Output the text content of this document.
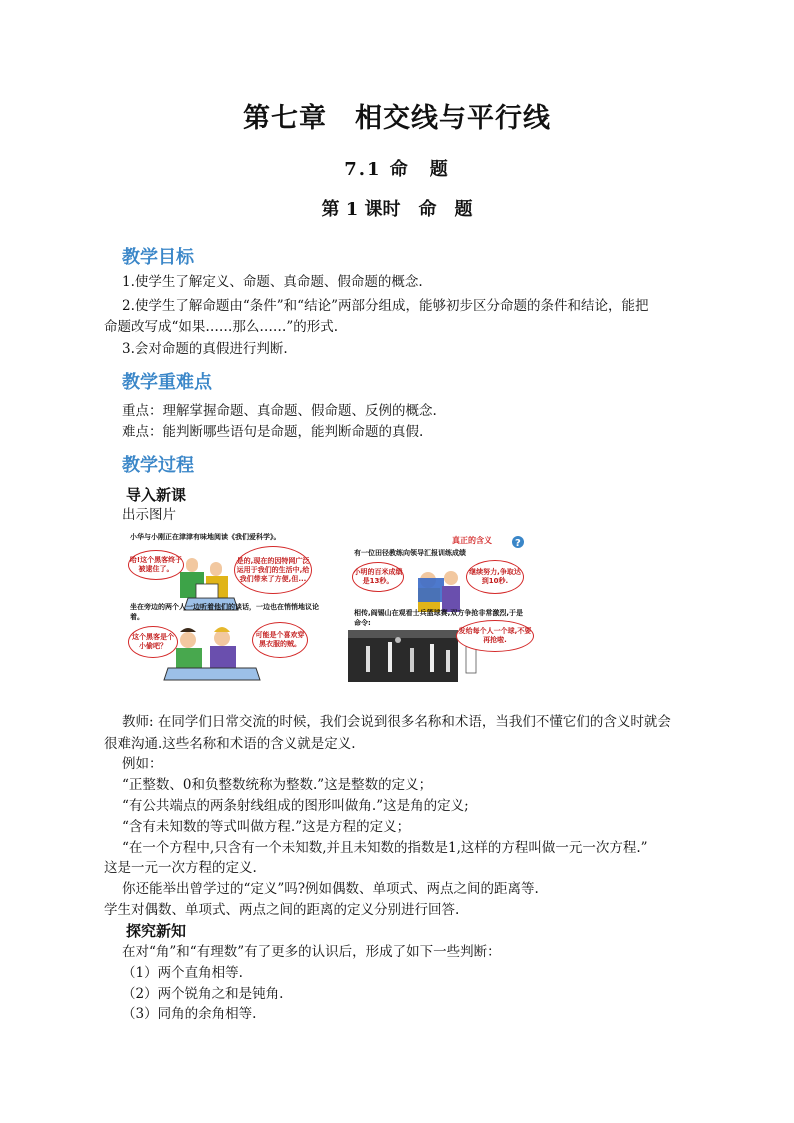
第七章　相交线与平行线
7.1 命　题
第 1 课时　命　题
教学目标
1.使学生了解定义、命题、真命题、假命题的概念.
2.使学生了解命题由“条件”和“结论”两部分组成，能够初步区分命题的条件和结论，能把
命题改写成“如果……那么……”的形式.
3.会对命题的真假进行判断.
教学重难点
重点：理解掌握命题、真命题、假命题、反例的概念.
难点：能判断哪些语句是命题，能判断命题的真假.
教学过程
导入新课
出示图片
?
小华与小刚正在津津有味地阅读《我们爱科学》。
哈!这个黑客终于被逮住了。
是的,现在的因特网广泛运用于我们的生活中,给我们带来了方便,但...
坐在旁边的两个人一边听着他们的谈话，一边也在悄悄地议论着。
这个黑客是个小偷吧？
可能是个喜欢穿黑衣服的贼。
真正的含义
有一位田径教练向领导汇报训练成绩
小明的百米成绩是13秒。
继续努力,争取达到10秒.
相传,阎锡山在观看士兵篮球赛,双方争抢非常激烈,于是命令:
发给每个人一个球,不要再抢啦.
教师: 在同学们日常交流的时候，我们会说到很多名称和术语，当我们不懂它们的含义时就会
很难沟通.这些名称和术语的含义就是定义.
例如：
“正整数、0和负整数统称为整数.”这是整数的定义；
“有公共端点的两条射线组成的图形叫做角.”这是角的定义;
“含有未知数的等式叫做方程.”这是方程的定义；
“在一个方程中,只含有一个未知数,并且未知数的指数是1,这样的方程叫做一元一次方程.”
这是一元一次方程的定义.
你还能举出曾学过的“定义”吗?例如偶数、单项式、两点之间的距离等.
学生对偶数、单项式、两点之间的距离的定义分别进行回答.
探究新知
在对“角”和“有理数”有了更多的认识后，形成了如下一些判断：
（1）两个直角相等.
（2）两个锐角之和是钝角.
（3）同角的余角相等.
